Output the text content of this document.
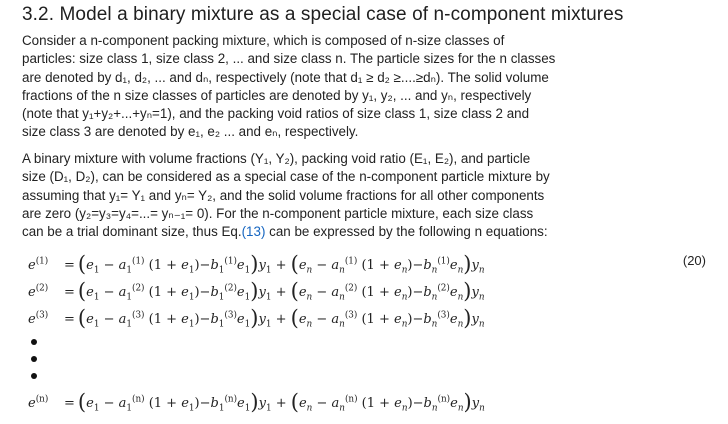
3.2. Model a binary mixture as a special case of n-component mixtures
Consider a n-component packing mixture, which is composed of n-size classes of
particles: size class 1, size class 2, ... and size class n. The particle sizes for the n classes
are denoted by d₁, d₂, ... and dₙ, respectively (note that d₁ ≥ d₂ ≥....≥dₙ). The solid volume
fractions of the n size classes of particles are denoted by y₁, y₂, ... and yₙ, respectively
(note that y₁+y₂+...+yₙ=1), and the packing void ratios of size class 1, size class 2 and
size class 3 are denoted by e₁, e₂ ... and eₙ, respectively.
A binary mixture with volume fractions (Y₁, Y₂), packing void ratio (E₁, E₂), and particle
size (D₁, D₂), can be considered as a special case of the n-component particle mixture by
assuming that y₁= Y₁ and yₙ= Y₂, and the solid volume fractions for all other components
are zero (y₂=y₃=y₄=...= yₙ₋₁= 0). For the n-component particle mixture, each size class
can be a trial dominant size, thus Eq.(13) can be expressed by the following n equations:
$e^{(1)} = (e_1 - a_1^{(1)}$ $(1 + e_1)-b_1^{(1)}e_1)y_1 + (e_n - a_n^{(1)}$ $(1 + e_n)-b_n^{(1)}e_n)y_n$
(20)
$e^{(2)} = (e_1 - a_1^{(2)}$ $(1 + e_1)-b_1^{(2)}e_1)y_1 + (e_n - a_n^{(2)}$ $(1 + e_n)-b_n^{(2)}e_n)y_n$
$e^{(3)} = (e_1 - a_1^{(3)}$ $(1 + e_1)-b_1^{(3)}e_1)y_1 + (e_n - a_n^{(3)}$ $(1 + e_n)-b_n^{(3)}e_n)y_n$
$e^{(n)} = (e_1 - a_1^{(n)}$ $(1 + e_1)-b_1^{(n)}e_1)y_1 + (e_n - a_n^{(n)}$ $(1 + e_n)-b_n^{(n)}e_n)y_n$
